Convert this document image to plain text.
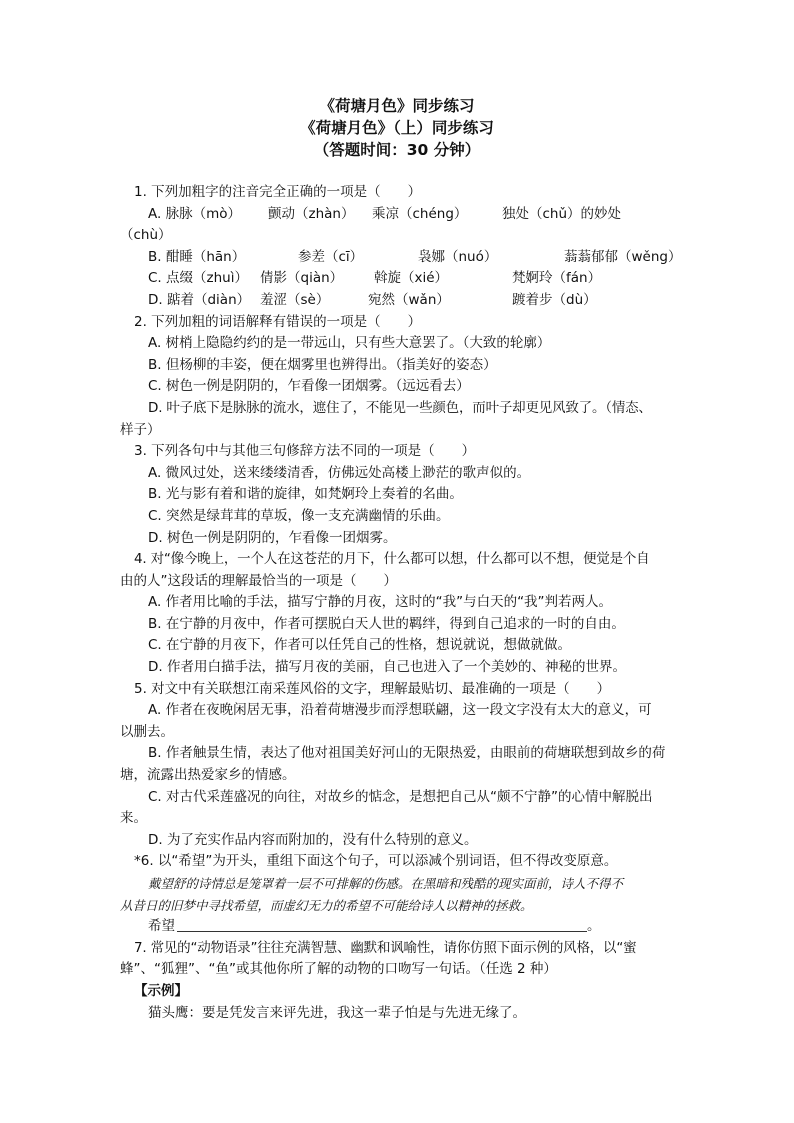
《荷塘月色》同步练习
《荷塘月色》（上）同步练习
（答题时间：30 分钟）
1. 下列加粗字的注音完全正确的一项是（　　）
A. 脉脉（mò） 颤动（zhàn） 乘凉（chéng）	独处（chǔ）的妙处
（chù）
B. 酣睡（hān）	参差（cī）	袅娜（nuó）	蓊蓊郁郁（wěng）
C. 点缀（zhuì） 倩影（qiàn） 斡旋（xié）	梵婀玲（fán）
D. 踮着（diàn） 羞涩（sè）	宛然（wǎn）	踱着步（dù）
2. 下列加粗的词语解释有错误的一项是（　　）
A. 树梢上隐隐约约的是一带远山，只有些大意罢了。（大致的轮廓）
B. 但杨柳的丰姿，便在烟雾里也辨得出。（指美好的姿态）
C. 树色一例是阴阴的，乍看像一团烟雾。（远远看去）
D. 叶子底下是脉脉的流水，遮住了，不能见一些颜色，而叶子却更见风致了。（情态、
样子）
3. 下列各句中与其他三句修辞方法不同的一项是（　　）
A. 微风过处，送来缕缕清香，仿佛远处高楼上渺茫的歌声似的。
B. 光与影有着和谐的旋律，如梵婀玲上奏着的名曲。
C. 突然是绿茸茸的草坂，像一支充满幽情的乐曲。
D. 树色一例是阴阴的，乍看像一团烟雾。
4. 对“像今晚上，一个人在这苍茫的月下，什么都可以想，什么都可以不想，便觉是个自
由的人”这段话的理解最恰当的一项是（　　）
A. 作者用比喻的手法，描写宁静的月夜，这时的“我”与白天的“我”判若两人。
B. 在宁静的月夜中，作者可摆脱白天人世的羁绊，得到自己追求的一时的自由。
C. 在宁静的月夜下，作者可以任凭自己的性格，想说就说，想做就做。
D. 作者用白描手法，描写月夜的美丽，自己也进入了一个美妙的、神秘的世界。
5. 对文中有关联想江南采莲风俗的文字，理解最贴切、最准确的一项是（　　）
A. 作者在夜晚闲居无事，沿着荷塘漫步而浮想联翩，这一段文字没有太大的意义，可
以删去。
B. 作者触景生情，表达了他对祖国美好河山的无限热爱，由眼前的荷塘联想到故乡的荷
塘，流露出热爱家乡的情感。
C. 对古代采莲盛况的向往，对故乡的惦念，是想把自己从“颇不宁静”的心情中解脱出
来。
D. 为了充实作品内容而附加的，没有什么特别的意义。
*6. 以“希望”为开头，重组下面这个句子，可以添减个别词语，但不得改变原意。
戴望舒的诗情总是笼罩着一层不可排解的伤感。在黑暗和残酷的现实面前，诗人不得不
从昔日的旧梦中寻找希望，而虚幻无力的希望不可能给诗人以精神的拯救。
希望	。
7. 常见的“动物语录”往往充满智慧、幽默和讽喻性，请你仿照下面示例的风格，以“蜜
蜂”、“狐狸”、“鱼”或其他你所了解的动物的口吻写一句话。（任选 2 种）
【示例】
猫头鹰：要是凭发言来评先进，我这一辈子怕是与先进无缘了。
